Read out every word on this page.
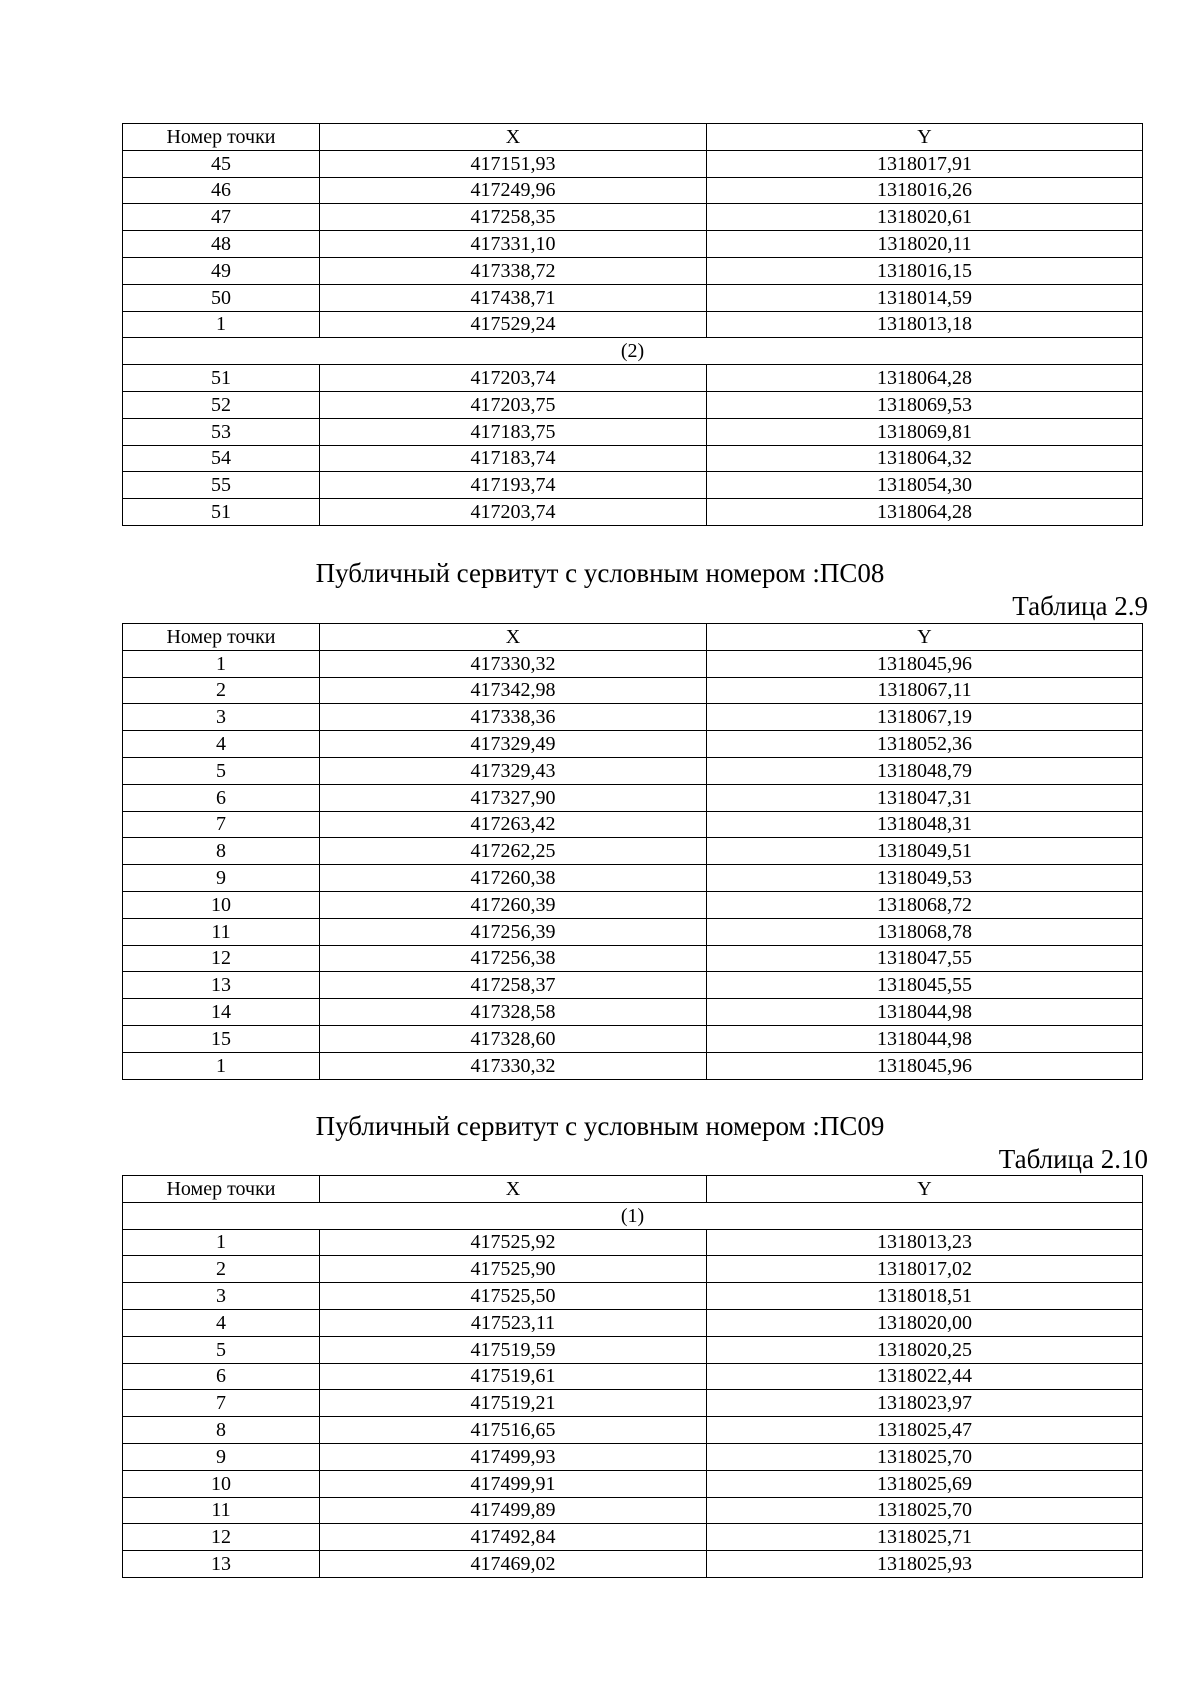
Номер точки	X	Y
45	417151,93	1318017,91
46	417249,96	1318016,26
47	417258,35	1318020,61
48	417331,10	1318020,11
49	417338,72	1318016,15
50	417438,71	1318014,59
1	417529,24	1318013,18
(2)		
51	417203,74	1318064,28
52	417203,75	1318069,53
53	417183,75	1318069,81
54	417183,74	1318064,32
55	417193,74	1318054,30
51	417203,74	1318064,28
Публичный сервитут с условным номером :ПС08
Таблица 2.9
Номер точки	X	Y
1	417330,32	1318045,96
2	417342,98	1318067,11
3	417338,36	1318067,19
4	417329,49	1318052,36
5	417329,43	1318048,79
6	417327,90	1318047,31
7	417263,42	1318048,31
8	417262,25	1318049,51
9	417260,38	1318049,53
10	417260,39	1318068,72
11	417256,39	1318068,78
12	417256,38	1318047,55
13	417258,37	1318045,55
14	417328,58	1318044,98
15	417328,60	1318044,98
1	417330,32	1318045,96
Публичный сервитут с условным номером :ПС09
Таблица 2.10
Номер точки	X	Y
(1)		
1	417525,92	1318013,23
2	417525,90	1318017,02
3	417525,50	1318018,51
4	417523,11	1318020,00
5	417519,59	1318020,25
6	417519,61	1318022,44
7	417519,21	1318023,97
8	417516,65	1318025,47
9	417499,93	1318025,70
10	417499,91	1318025,69
11	417499,89	1318025,70
12	417492,84	1318025,71
13	417469,02	1318025,93
